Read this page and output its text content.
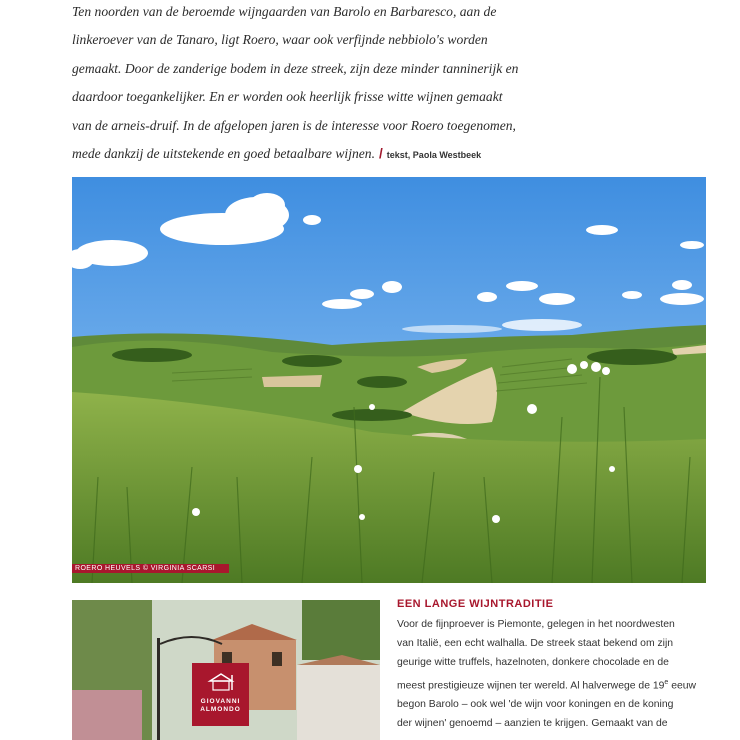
Ten noorden van de beroemde wijngaarden van Barolo en Barbaresco, aan de
linkeroever van de Tanaro, ligt Roero, waar ook verfijnde nebbiolo's worden
gemaakt. Door de zanderige bodem in deze streek, zijn deze minder tanninerijk en
daardoor toegankelijker. En er worden ook heerlijk frisse witte wijnen gemaakt
van de arneis-druif. In de afgelopen jaren is de interesse voor Roero toegenomen,
mede dankzij de uitstekende en goed betaalbare wijnen. / tekst, Paola Westbeek
ROERO HEUVELS © VIRGINIA SCARSI
GIOVANNI
ALMONDO
EEN LANGE WIJNTRADITIE
Voor de fijnproever is Piemonte, gelegen in het noordwesten
van Italië, een echt walhalla. De streek staat bekend om zijn
geurige witte truffels, hazelnoten, donkere chocolade en de
meest prestigieuze wijnen ter wereld. Al halverwege de 19e eeuw
begon Barolo – ook wel 'de wijn voor koningen en de koning
der wijnen' genoemd – aanzien te krijgen. Gemaakt van de
